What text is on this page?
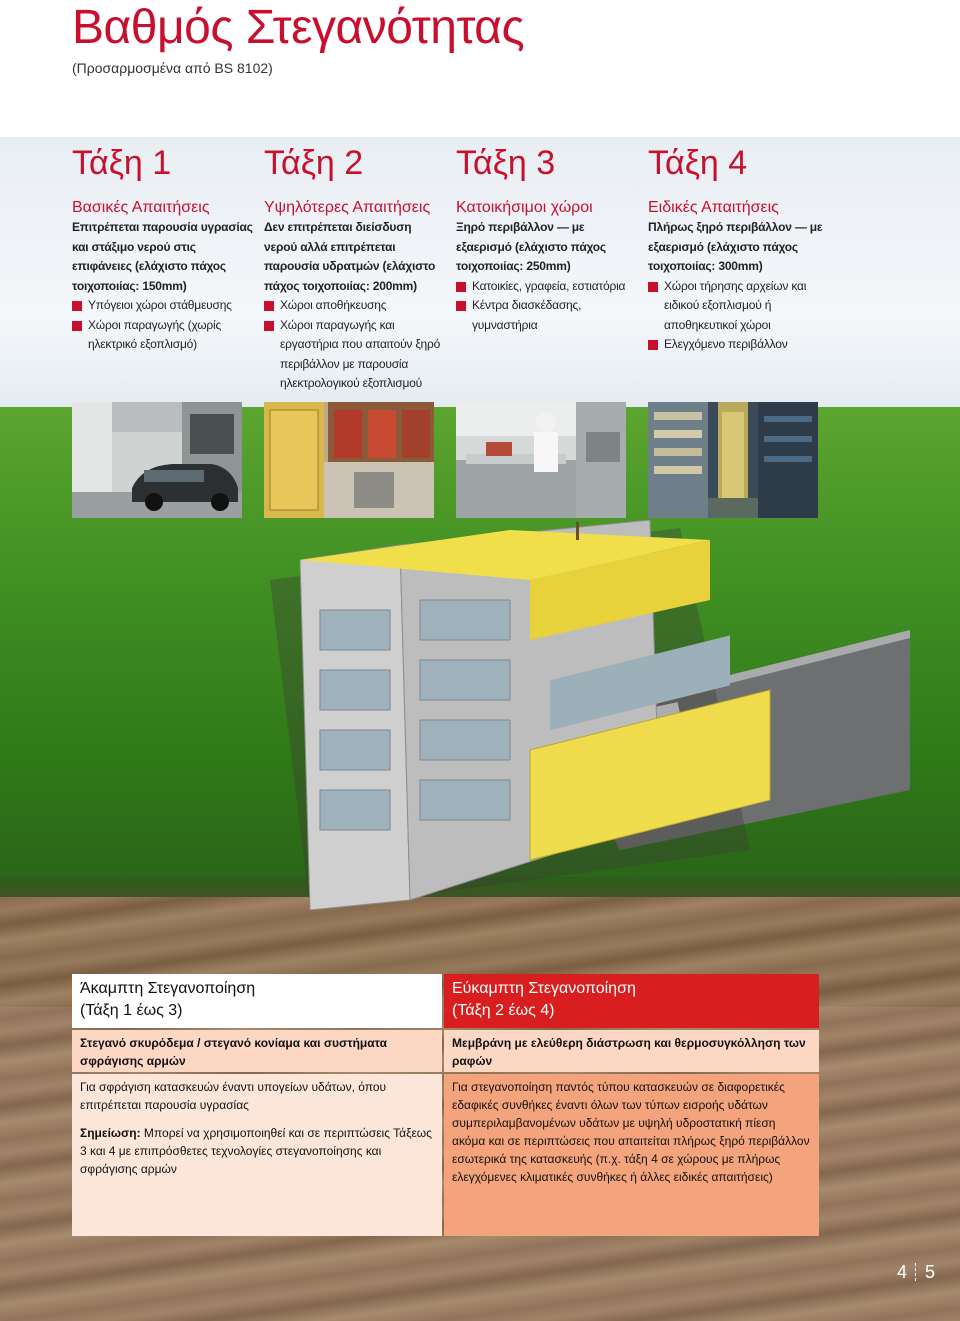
Βαθμός Στεγανότητας
(Προσαρμοσμένα από BS 8102)
Τάξη 1
Βασικές Απαιτήσεις
Επιτρέπεται παρουσία υγρασίας και στάξιμο νερού στις επιφάνειες (ελάχιστο πάχος τοιχοποιίας: 150mm)
Υπόγειοι χώροι στάθμευσης
Χώροι παραγωγής (χωρίς ηλεκτρικό εξοπλισμό)
Τάξη 2
Υψηλότερες Απαιτήσεις
Δεν επιτρέπεται διείσδυση νερού αλλά επιτρέπεται παρουσία υδρατμών (ελάχιστο πάχος τοιχοποιίας: 200mm)
Χώροι αποθήκευσης
Χώροι παραγωγής και εργαστήρια που απαιτούν ξηρό περιβάλλον με παρουσία ηλεκτρολογικού εξοπλισμού
Τάξη 3
Κατοικήσιμοι χώροι
Ξηρό περιβάλλον — με εξαερισμό (ελάχιστο πάχος τοιχοποιίας: 250mm)
Κατοικίες, γραφεία, εστιατόρια
Κέντρα διασκέδασης, γυμναστήρια
Τάξη 4
Ειδικές Απαιτήσεις
Πλήρως ξηρό περιβάλλον — με εξαερισμό (ελάχιστο πάχος τοιχοποιίας: 300mm)
Χώροι τήρησης αρχείων και ειδικού εξοπλισμού ή αποθηκευτικοί χώροι
Ελεγχόμενο περιβάλλον
Άκαμπτη Στεγανοποίηση
(Τάξη 1 έως 3)
Εύκαμπτη Στεγανοποίηση
(Τάξη 2 έως 4)
Στεγανό σκυρόδεμα / στεγανό κονίαμα και συστήματα σφράγισης αρμών
Μεμβράνη με ελεύθερη διάστρωση και θερμοσυγκόλληση των ραφών

Για σφράγιση κατασκευών έναντι υπογείων υδάτων, όπου επιτρέπεται παρουσία υγρασίας

Σημείωση: Μπορεί να χρησιμοποιηθεί και σε περιπτώσεις Τάξεως 3 και 4 με επιπρόσθετες τεχνολογίες στεγανοποίησης και σφράγισης αρμών

Για στεγανοποίηση παντός τύπου κατασκευών σε διαφορετικές εδαφικές συνθήκες έναντι όλων των τύπων εισροής υδάτων συμπεριλαμβανομένων υδάτων με υψηλή υδροστατική πίεση ακόμα και σε περιπτώσεις που απαιτείται πλήρως ξηρό περιβάλλον εσωτερικά της κατασκευής (π.χ. τάξη 4 σε χώρους με πλήρως ελεγχόμενες κλιματικές συνθήκες ή άλλες ειδικές απαιτήσεις)

4 5
